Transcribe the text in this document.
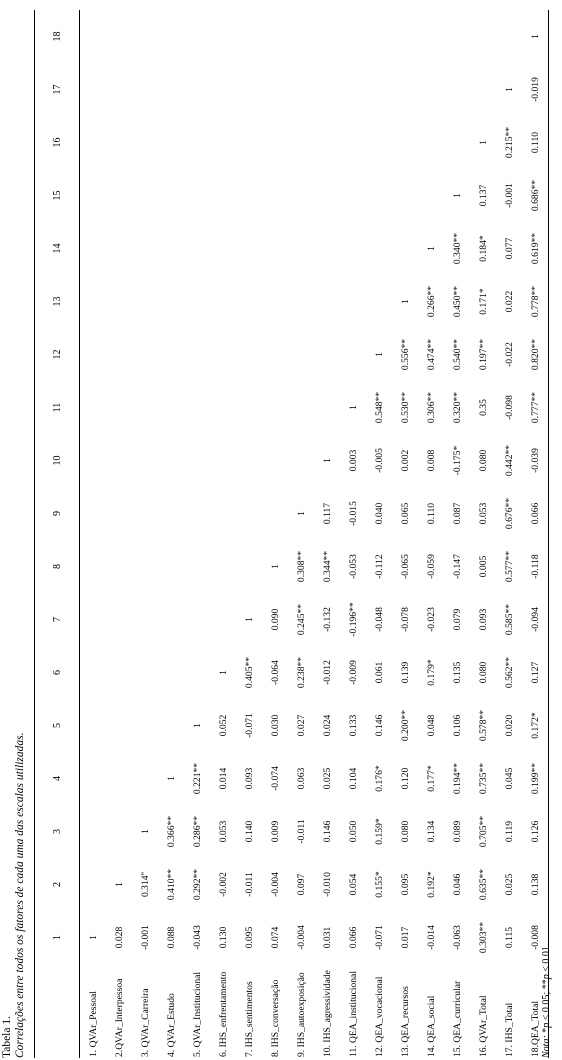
Tabela 1. Correlações entre todos os fatores de cada uma das escalas utilizadas.
		1	2	3	4	5	6	7	8	9	10	11	12	13	14	15	16	17	18
1. QVAr_Pessoal	1																	
2.QVAr_Interpessoa	0.028	1																
3. QVAr_Carreira	-0.001	0.314''	1															
4. QVAr_Estudo	0.088	0.410**	0.366**	1														
5. QVAr_Institucional	-0.043	0.292**	0.286**	0.221**	1													
6. IHS_enfrentamento	0.130	-0.002	0.053	0.014	0.052	1												
7. IHS_sentimentos	0.095	-0.011	0.140	0.093	-0.071	0.405**	1											
8. IHS_conversação	0.074	-0.004	0.009	-0.074	0.030	-0.064	0.090	1										
9. IHS_autoexposição	-0.004	0.097	-0.011	0.063	0.027	0.238**	0.245**	0.308**	1									
10. IHS_agressividade	0.031	-0.010	0.146	0.025	0.024	-0.012	-0.132	0.344**	0.117	1								
11. QEA_institucional	0.066	0.054	0.050	0.104	0.133	-0.009	-0.196**	-0.053	-0.015	0.003	1							
12. QEA_vocacional	-0.071	0.155*	0.159*	0.176*	0.146	0.061	-0.048	-0.112	0.040	-0.005	0.548**	1						
13. QEA_recursos	0.017	0.095	0.080	0.120	0.200**	0.139	-0.078	-0.065	0.065	0.002	0.530**	0.556**	1					
14. QEA_social	-0.014	0.192*	0.134	0.177*	0.048	0.179*	-0.023	-0.059	0.110	0.008	0.306**	0.474**	0.266**	1				
15. QEA_curricular	-0.063	0.046	0.089	0.194**	0.106	0.135	0.079	-0.147	0.087	-0.175*	0.320**	0.540**	0.450**	0.340**	1			
16. QVAr_Total	0.303**	0.635**	0.705**	0.735**	0.578**	0.080	0.093	0.005	0.053	0.080	0.35	0.197**	0.171*	0.184*	0.137	1		
17. IHS_Total	0.115	0.025	0.119	0.045	0.020	0.562**	0.585**	0.577**	0.676**	0.442**	-0.098	-0.022	0.022	0.077	-0.001	0.215**	1	
18.QEA_Total	-0.008	0.138	0.126	0.199**	0.172*	0.127	-0.094	-0.118	0.066	-0.039	0.777**	0.820**	0.778**	0.619**	0.686**	0.110	-0.019	1
Nota: *p < 0.05; **p < 0.01.
